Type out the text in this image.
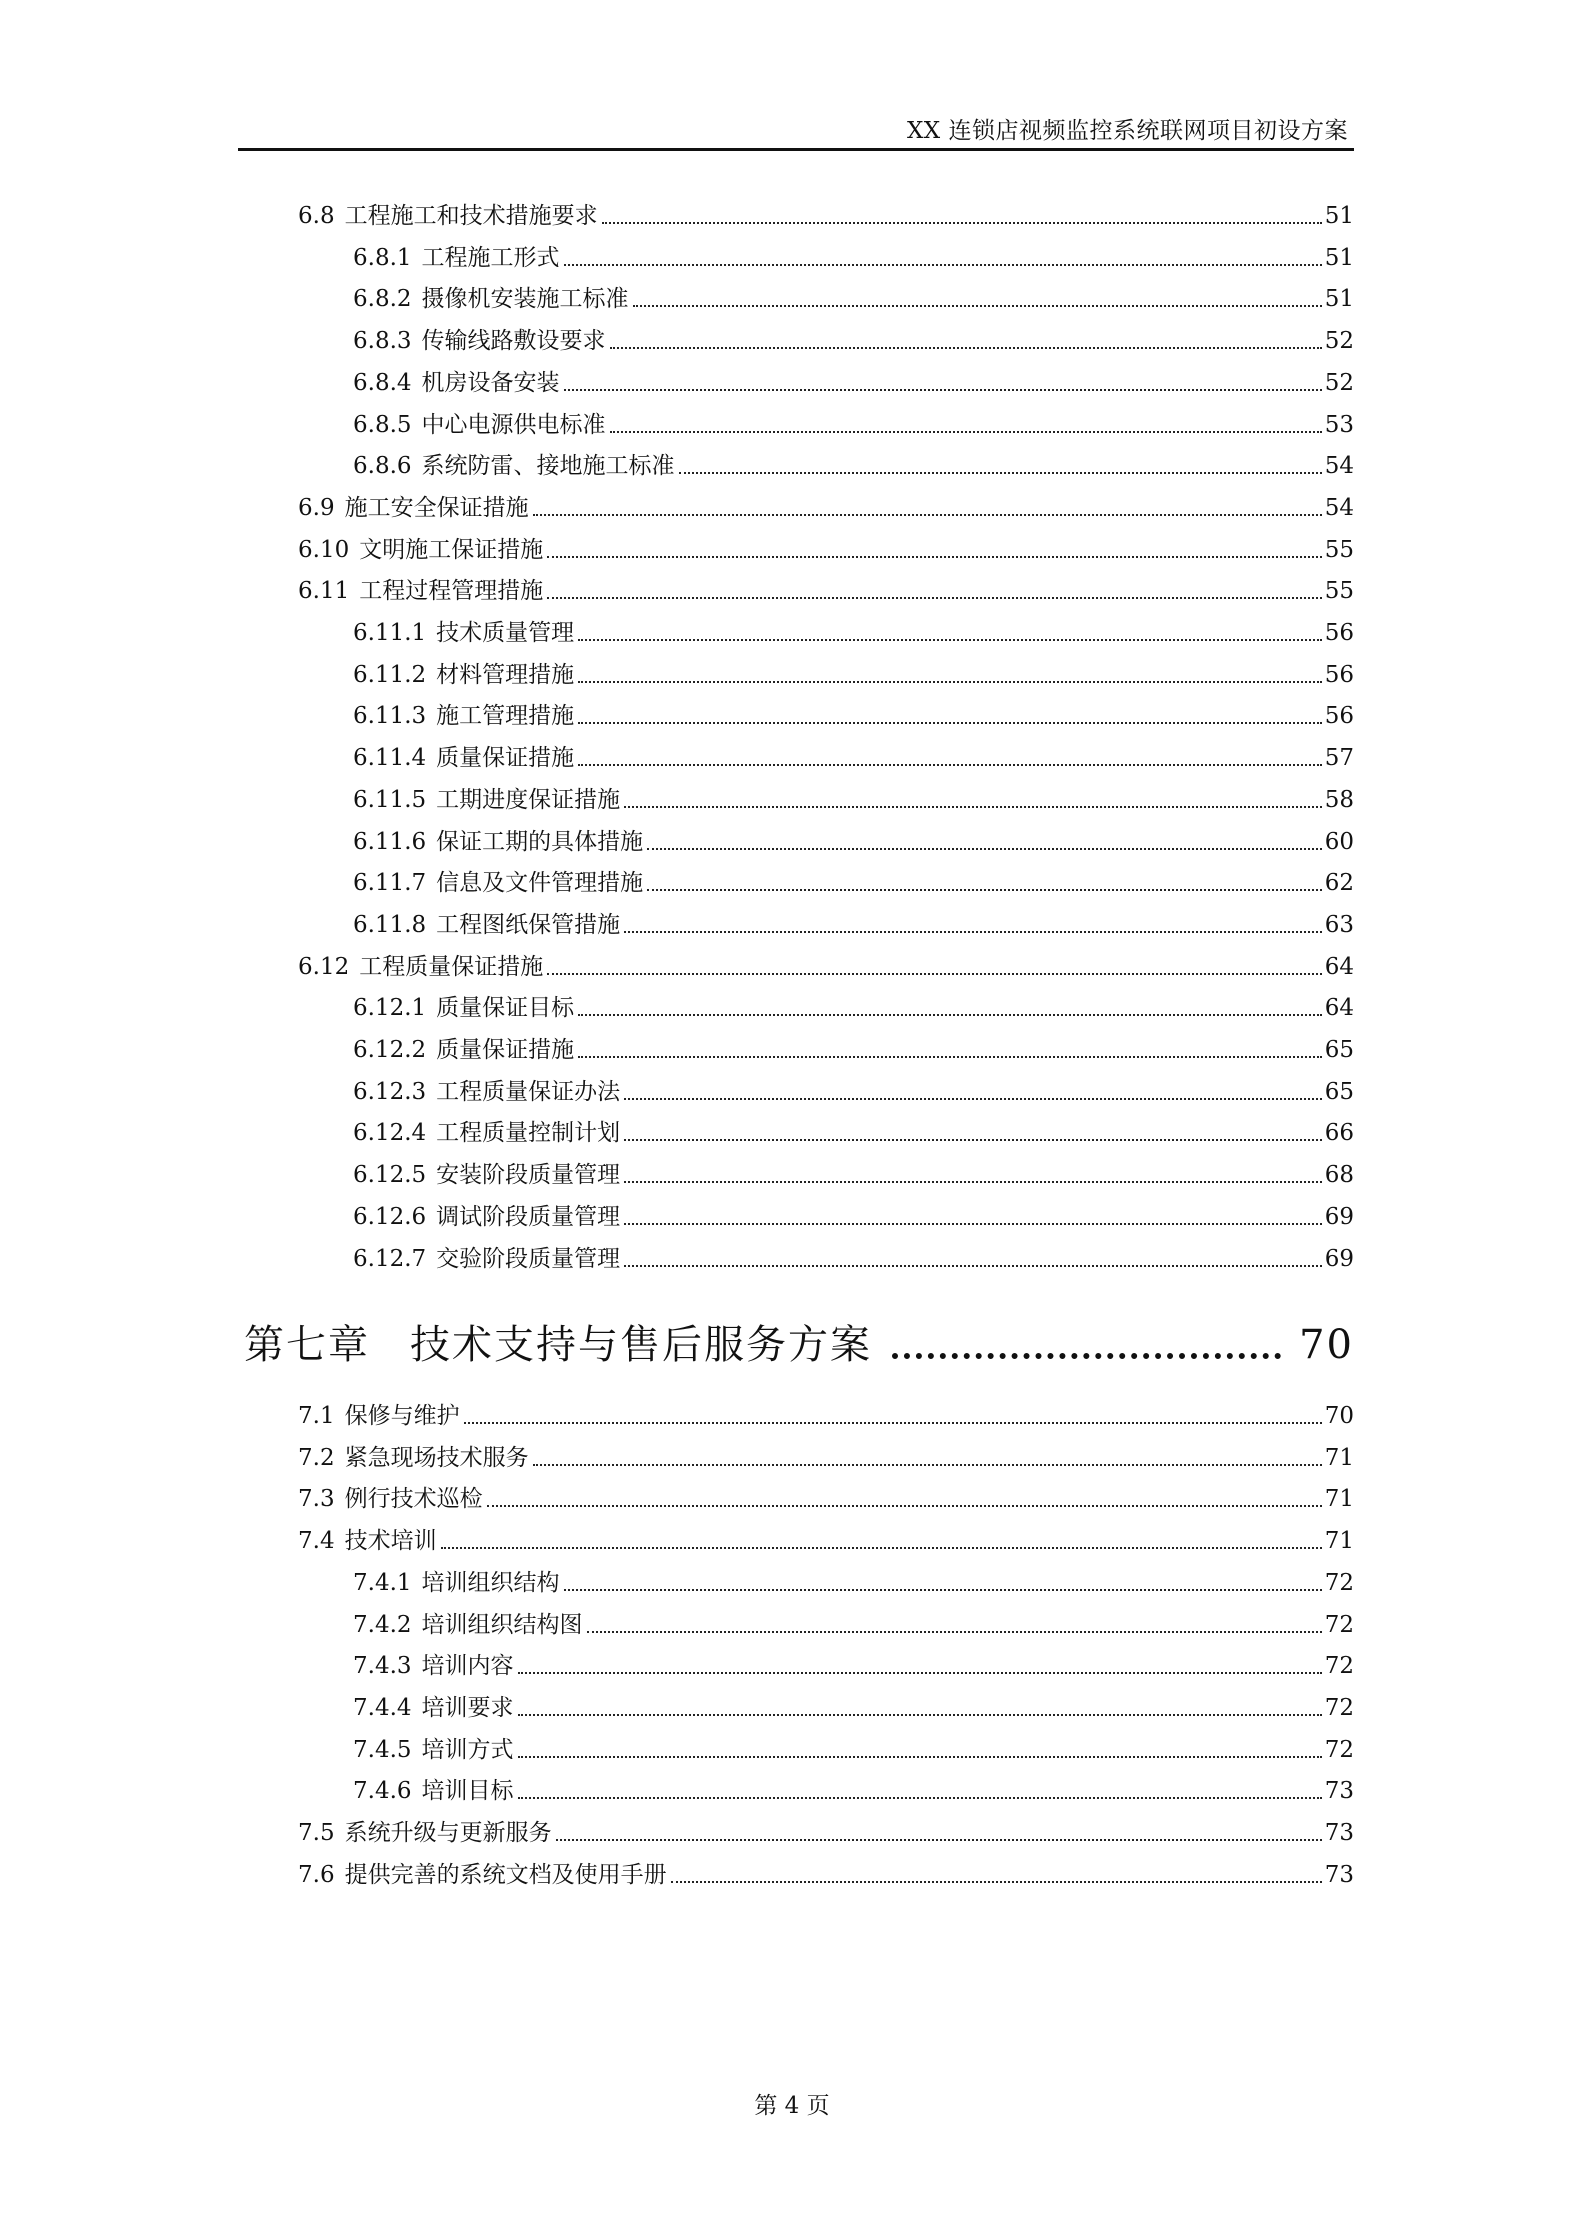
XX 连锁店视频监控系统联网项目初设方案
6.8 工程施工和技术措施要求	51
6.8.1 工程施工形式	51
6.8.2 摄像机安装施工标准	51
6.8.3 传输线路敷设要求	52
6.8.4 机房设备安装	52
6.8.5 中心电源供电标准	53
6.8.6 系统防雷、接地施工标准	54
6.9 施工安全保证措施	54
6.10 文明施工保证措施	55
6.11 工程过程管理措施	55
6.11.1 技术质量管理	56
6.11.2 材料管理措施	56
6.11.3 施工管理措施	56
6.11.4 质量保证措施	57
6.11.5 工期进度保证措施	58
6.11.6 保证工期的具体措施	60
6.11.7 信息及文件管理措施	62
6.11.8 工程图纸保管措施	63
6.12 工程质量保证措施	64
6.12.1 质量保证目标	64
6.12.2 质量保证措施	65
6.12.3 工程质量保证办法	65
6.12.4 工程质量控制计划	66
6.12.5 安装阶段质量管理	68
6.12.6 调试阶段质量管理	69
6.12.7 交验阶段质量管理	69
第七章 技术支持与售后服务方案	70
7.1 保修与维护	70
7.2 紧急现场技术服务	71
7.3 例行技术巡检	71
7.4 技术培训	71
7.4.1 培训组织结构	72
7.4.2 培训组织结构图	72
7.4.3 培训内容	72
7.4.4 培训要求	72
7.4.5 培训方式	72
7.4.6 培训目标	73
7.5 系统升级与更新服务	73
7.6 提供完善的系统文档及使用手册	73
第 4 页
